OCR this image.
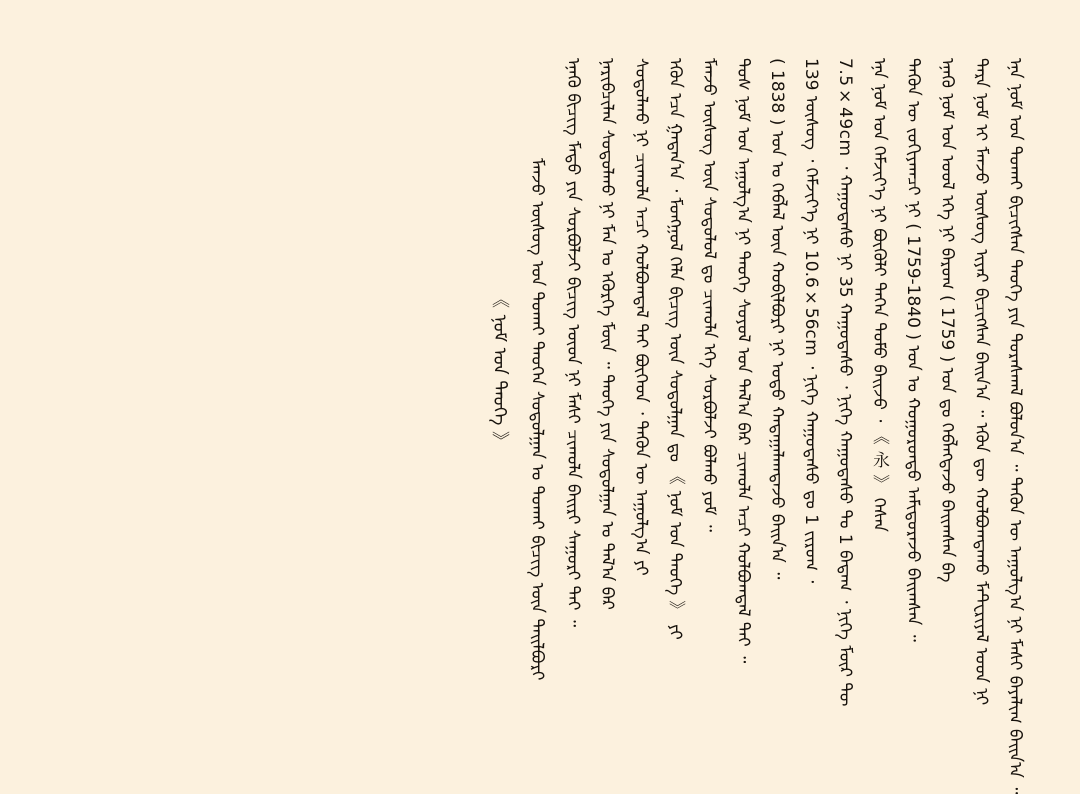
《 ᠨᠣᠮ ᠤᠨ ᠲᠡᠦᠬᠡ 》	ᠮᠠᠨᠵᠤ ᠦᠰᠦᠭ ᠤᠨ ᠲᠤᠬᠠᠢ ᠲᠡᠦᠬᠡᠨ ᠰᠤᠳᠤᠯᠭᠠᠨ ᠤ ᠲᠤᠬᠠᠢ ᠪᠢᠴᠢᠭ ᠦᠨ ᠲᠠᠢᠯᠪᠤᠷᠢ ᠡᠨᠡᠬᠦ ᠪᠢᠴᠢᠭ ᠮᠡᠲᠦ ᠶᠢᠨ ᠰᠤᠷᠪᠤᠯᠵᠢ ᠪᠢᠴᠢᠭ ᠦᠳ ᠨᠢ ᠮᠠᠰᠢ ᠴᠢᠬᠤᠯᠠ ᠪᠠᠢᠷᠢ ᠰᠠᠭᠤᠷᠢ ᠲᠠᠢ ᠃ ᠨᠠᠷᠢᠪᠴᠢᠯᠠᠨ ᠰᠤᠳᠤᠯᠬᠤ ᠨᠢ ᠮᠠᠨ ᠤ ᠡᠭᠦᠷᠭᠡ ᠮᠥᠨ ᠃ ᠲᠡᠦᠬᠡ ᠶᠢᠨ ᠰᠤᠳᠤᠯᠭᠠᠨ ᠤ ᠲᠠᠯ᠎ᠠ ᠪᠠᠷ ᠰᠤᠳᠤᠯᠬᠤ ᠨᠢ ᠴᠢᠬᠤᠯᠠ ᠠᠴᠢ ᠬᠣᠯᠪᠣᠭᠳᠠᠯ ᠲᠠᠢ ᠪᠥᠭᠡᠳ ᠂ ᠲᠡᠭᠦᠨ ᠦ ᠠᠭᠤᠯᠭ᠎ᠠ ᠶᠢ ᠡᠭᠦᠨ ᠡᠴᠡ ᠭᠠᠳᠠᠨ᠎ᠠ ᠂ ᠮᠣᠩᠭᠣᠯ ᠬᠡᠯᠡ ᠪᠢᠴᠢᠭ ᠦᠨ ᠰᠤᠳᠤᠯᠭᠠᠨ ᠳᠤ 《 ᠨᠣᠮ ᠤᠨ ᠲᠡᠦᠬᠡ 》 ᠶᠢ ᠮᠠᠨᠵᠤ ᠦᠰᠦᠭ ᠦᠨ ᠰᠤᠳᠤᠯᠤᠯ ᠳᠤ ᠴᠢᠬᠤᠯᠠ ᠡᠬᠡ ᠰᠤᠷᠪᠤᠯᠵᠢ ᠪᠣᠯᠬᠤ ᠶᠤᠮ ᠃ ᠲᠤᠰ ᠨᠣᠮ ᠤᠨ ᠠᠭᠤᠯᠭ᠎ᠠ ᠨᠢ ᠲᠡᠦᠬᠡ ᠰᠤᠶᠤᠯ ᠤᠨ ᠲᠠᠯ᠎ᠠ ᠪᠠᠷ ᠴᠢᠬᠤᠯᠠ ᠠᠴᠢ ᠬᠣᠯᠪᠣᠭᠳᠠᠯ ᠲᠠᠢ ᠃ ( 1838 ) ᠣᠨ ᠤ ᠬᠡᠪᠯᠡᠯ ᠦᠨ ᠬᠤᠪᠢᠯᠪᠤᠷᠢ ᠨᠢ ᠣᠳᠣ ᠬᠠᠳᠠᠭᠠᠯᠠᠭᠳᠠᠵᠤ ᠪᠠᠢᠨ᠎ᠠ ᠃ 139 ᠦᠰᠦᠭ ᠂ ᠬᠡᠮᠵᠢᠶ᠎ᠡ ᠨᠢ 10.6×56cm ᠂ ᠨᠢᠭᠡ ᠬᠠᠭᠤᠳᠠᠰᠤ ᠳᠤ 1 ᠵᠢᠷᠤᠭ ᠂ 7.5×49cm ᠂ ᠬᠠᠭᠤᠳᠠᠰᠤ ᠨᠢ 35 ᠬᠠᠭᠤᠳᠠᠰᠤ ᠂ ᠨᠢᠭᠡ ᠬᠠᠭᠤᠳᠠᠰᠤ ᠲᠤ 1 ᠪᠠᠳᠠᠭ ᠂ ᠨᠢᠭᠡ ᠮᠥᠷ ᠲᠦ ᠡᠨᠡ ᠨᠣᠮ ᠤᠨ ᠬᠡᠮᠵᠢᠶ᠎ᠡ ᠨᠢ ᠪᠦᠬᠦᠯᠢ ᠳᠡᠭᠡᠨ ᠲᠣᠮᠣ ᠪᠠᠢᠵᠤ ᠂ 《 永 》 ᠭᠡᠰᠡᠨ ᠲᠡᠭᠦᠨ ᠦ ᠵᠣᠬᠢᠶᠠᠭᠴᠢ ᠨᠢ ( 1759-1840 ) ᠣᠨ ᠤ ᠬᠣᠭᠣᠷᠣᠨᠳᠦ ᠠᠮᠢᠳᠤᠷᠠᠵᠤ ᠪᠠᠢᠭᠰᠠᠨ ᠃ ᠡᠨᠡᠬᠦ ᠨᠣᠮ ᠤᠨ ᠤᠤᠯ ᠡᠬᠡ ᠨᠢ ᠪᠠᠷᠤᠭ ( 1759 ) ᠣᠨ ᠳᠤ ᠬᠡᠪᠯᠡᠭᠳᠡᠵᠦ ᠪᠠᠢᠭᠰᠠᠨ ᠪᠠ ᠲᠡᠷᠡ ᠨᠣᠮ ᠢ ᠮᠠᠨᠵᠤ ᠦᠰᠦᠭ ᠢᠶᠡᠷ ᠪᠢᠴᠢᠭᠰᠡᠨ ᠪᠠᠢᠨ᠎ᠠ ᠃ ᠡᠭᠦᠨ ᠳᠦ ᠬᠤᠯᠪᠤᠭᠳᠠᠬᠤ ᠮᠠᠲ᠋ᠧᠷᠢᠶᠠᠯ ᠤᠳ ᠨᠢ ᠡᠨᠡ ᠨᠣᠮ ᠤᠨ ᠲᠤᠬᠠᠢ ᠪᠢᠴᠢᠭᠰᠡᠨ ᠲᠡᠦᠬᠡ ᠶᠢᠨ ᠲᠤᠷᠠᠰᠬᠠᠯ ᠪᠣᠯᠤᠨ᠎ᠠ ᠃ ᠲᠡᠭᠦᠨ ᠦ ᠠᠭᠤᠯᠭ᠎ᠠ ᠨᠢ ᠮᠠᠰᠢ ᠪᠠᠶᠠᠯᠢᠭ ᠪᠠᠢᠨ᠎ᠠ ᠃
